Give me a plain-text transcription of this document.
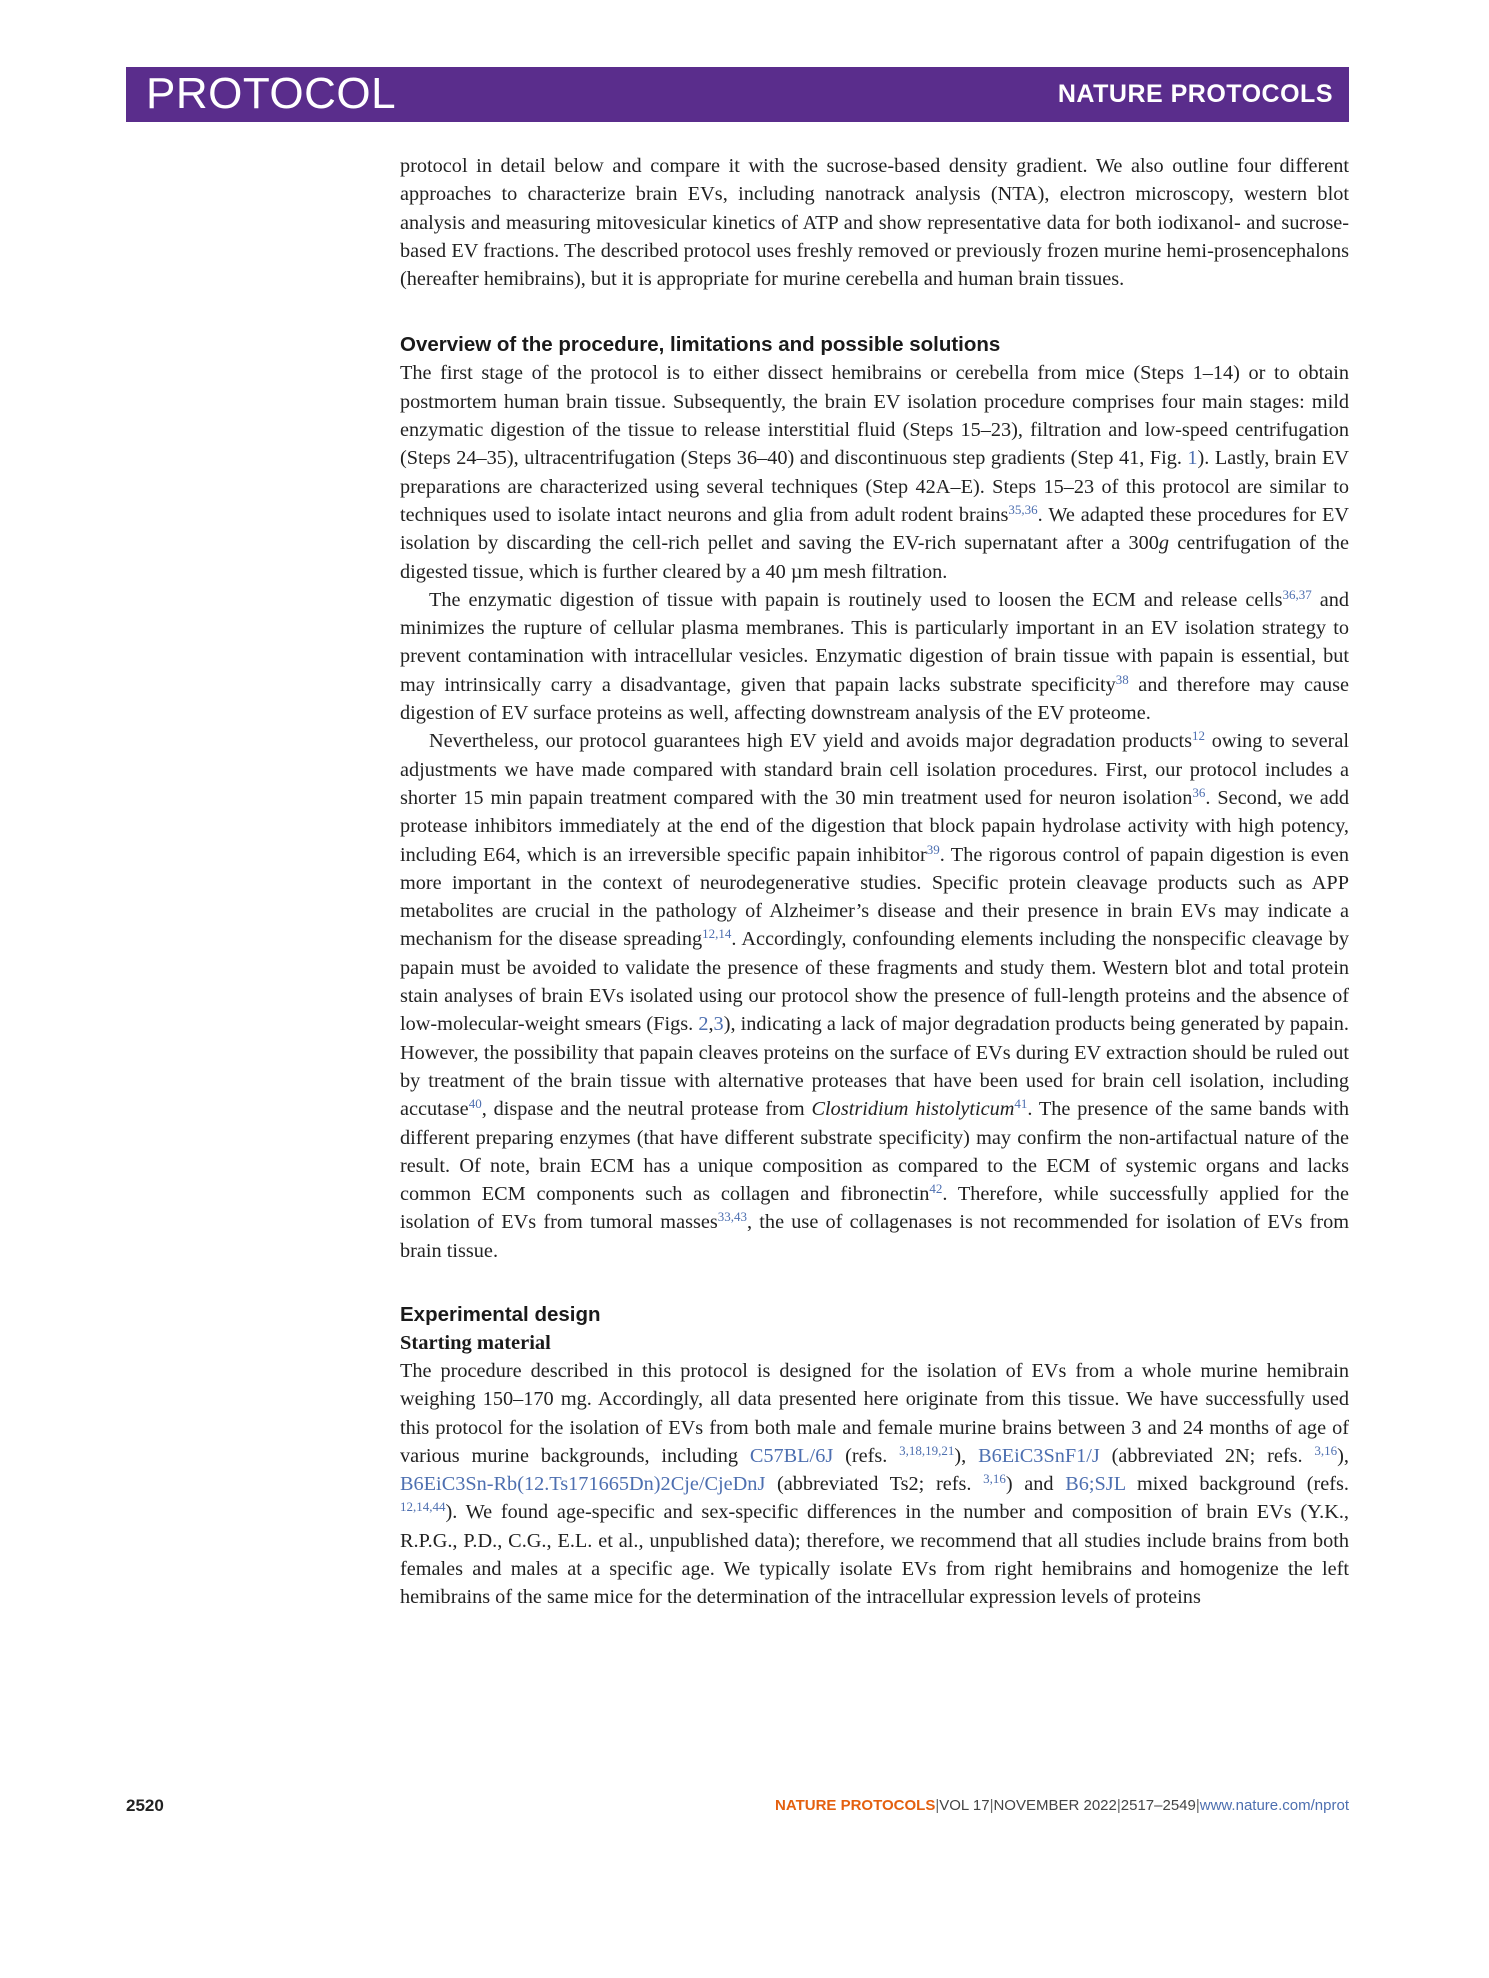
PROTOCOL	NATURE PROTOCOLS

protocol in detail below and compare it with the sucrose-based density gradient. We also outline four different approaches to characterize brain EVs, including nanotrack analysis (NTA), electron microscopy, western blot analysis and measuring mitovesicular kinetics of ATP and show representative data for both iodixanol- and sucrose-based EV fractions. The described protocol uses freshly removed or previously frozen murine hemi-prosencephalons (hereafter hemibrains), but it is appropriate for murine cerebella and human brain tissues.

Overview of the procedure, limitations and possible solutions

The first stage of the protocol is to either dissect hemibrains or cerebella from mice (Steps 1–14) or to obtain postmortem human brain tissue. Subsequently, the brain EV isolation procedure comprises four main stages: mild enzymatic digestion of the tissue to release interstitial fluid (Steps 15–23), filtration and low-speed centrifugation (Steps 24–35), ultracentrifugation (Steps 36–40) and discontinuous step gradients (Step 41, Fig. 1). Lastly, brain EV preparations are characterized using several techniques (Step 42A–E). Steps 15–23 of this protocol are similar to techniques used to isolate intact neurons and glia from adult rodent brains$^{35,36}$. We adapted these procedures for EV isolation by discarding the cell-rich pellet and saving the EV-rich supernatant after a 300g centrifugation of the digested tissue, which is further cleared by a 40 µm mesh filtration.

The enzymatic digestion of tissue with papain is routinely used to loosen the ECM and release cells$^{36,37}$ and minimizes the rupture of cellular plasma membranes. This is particularly important in an EV isolation strategy to prevent contamination with intracellular vesicles. Enzymatic digestion of brain tissue with papain is essential, but may intrinsically carry a disadvantage, given that papain lacks substrate specificity$^{38}$ and therefore may cause digestion of EV surface proteins as well, affecting downstream analysis of the EV proteome.

Nevertheless, our protocol guarantees high EV yield and avoids major degradation products$^{12}$ owing to several adjustments we have made compared with standard brain cell isolation procedures. First, our protocol includes a shorter 15 min papain treatment compared with the 30 min treatment used for neuron isolation$^{36}$. Second, we add protease inhibitors immediately at the end of the digestion that block papain hydrolase activity with high potency, including E64, which is an irreversible specific papain inhibitor$^{39}$. The rigorous control of papain digestion is even more important in the context of neurodegenerative studies. Specific protein cleavage products such as APP metabolites are crucial in the pathology of Alzheimer’s disease and their presence in brain EVs may indicate a mechanism for the disease spreading$^{12,14}$. Accordingly, confounding elements including the nonspecific cleavage by papain must be avoided to validate the presence of these fragments and study them. Western blot and total protein stain analyses of brain EVs isolated using our protocol show the presence of full-length proteins and the absence of low-molecular-weight smears (Figs. 2,3), indicating a lack of major degradation products being generated by papain. However, the possibility that papain cleaves proteins on the surface of EVs during EV extraction should be ruled out by treatment of the brain tissue with alternative proteases that have been used for brain cell isolation, including accutase$^{40}$, dispase and the neutral protease from Clostridium histolyticum$^{41}$. The presence of the same bands with different preparing enzymes (that have different substrate specificity) may confirm the non-artifactual nature of the result. Of note, brain ECM has a unique composition as compared to the ECM of systemic organs and lacks common ECM components such as collagen and fibronectin$^{42}$. Therefore, while successfully applied for the isolation of EVs from tumoral masses$^{33,43}$, the use of collagenases is not recommended for isolation of EVs from brain tissue.

Experimental design
Starting material

The procedure described in this protocol is designed for the isolation of EVs from a whole murine hemibrain weighing 150–170 mg. Accordingly, all data presented here originate from this tissue. We have successfully used this protocol for the isolation of EVs from both male and female murine brains between 3 and 24 months of age of various murine backgrounds, including C57BL/6J (refs. $^{3,18,19,21}$), B6EiC3SnF1/J (abbreviated 2N; refs. $^{3,16}$), B6EiC3Sn-Rb(12.Ts171665Dn)2Cje/CjeDnJ (abbreviated Ts2; refs. $^{3,16}$) and B6;SJL mixed background (refs. $^{12,14,44}$). We found age-specific and sex-specific differences in the number and composition of brain EVs (Y.K., R.P.G., P.D., C.G., E.L. et al., unpublished data); therefore, we recommend that all studies include brains from both females and males at a specific age. We typically isolate EVs from right hemibrains and homogenize the left hemibrains of the same mice for the determination of the intracellular expression levels of proteins

2520	NATURE PROTOCOLS|VOL 17|NOVEMBER 2022|2517–2549|www.nature.com/nprot
